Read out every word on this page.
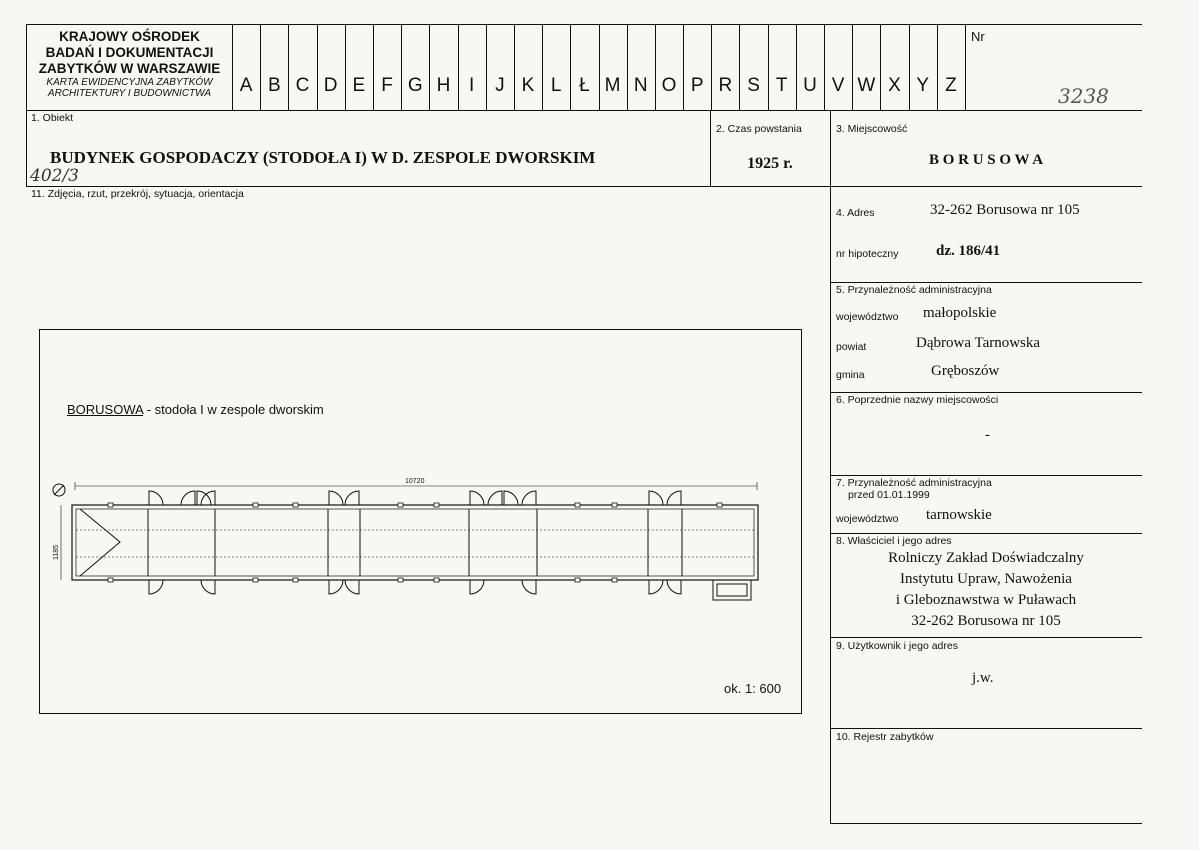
KRAJOWY OŚRODEK
BADAŃ I DOKUMENTACJI
ZABYTKÓW W WARSZAWIE
KARTA EWIDENCYJNA ZABYTKÓW
ARCHITEKTURY I BUDOWNICTWA	A B C D E F G H I	J K L Ł M N O P R S T U V W X Y Z
Nr
3238
1. Obiekt
BUDYNEK GOSPODACZY (STODOŁA I) W D. ZESPOLE DWORSKIM
402/3
2. Czas powstania
1925 r.
3. Miejscowość
B O R U S O W A
11. Zdjęcia, rzut, przekrój, sytuacja, orientacja
BORUSOWA - stodoła I w zespole dworskim
ok. 1: 600
10720
1185
4. Adres	32-262 Borusowa nr 105
nr hipoteczny	dz. 186/41
5. Przynależność administracyjna
województwo małopolskie
powiat	Dąbrowa Tarnowska
gmina	Gręboszów
6. Poprzednie nazwy miejscowości
-
7. Przynależność administracyjna
przed 01.01.1999
województwo tarnowskie
8. Właściciel i jego adres
Rolniczy Zakład Doświadczalny
Instytutu Upraw, Nawożenia
i Gleboznawstwa w Puławach
32-262 Borusowa nr 105
9. Użytkownik i jego adres
j.w.
10. Rejestr zabytków
